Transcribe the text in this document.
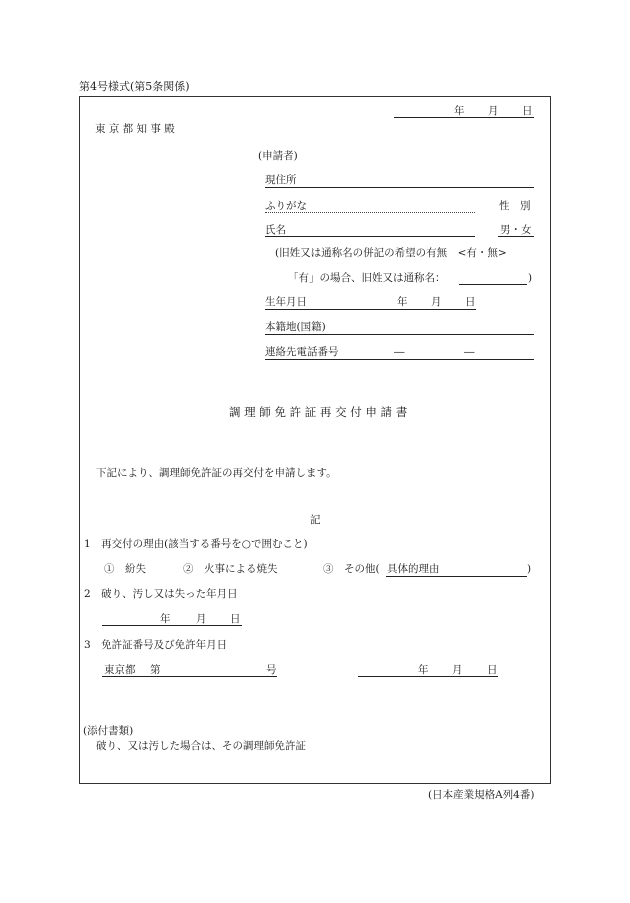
第4号様式(第5条関係)
年 月 日
東 京 都 知 事 殿
(申請者)
現住所
ふりがな	性　別
氏名	男・女
(旧姓又は通称名の併記の希望の有無　<有・無>
「有」の場合、旧姓又は通称名：	)
生年月日	年 月 日
本籍地(国籍)
連絡先電話番号	―	―
調 理 師 免 許 証 再 交 付 申 請 書
下記により、調理師免許証の再交付を申請します。
記
1　再交付の理由(該当する番号を○で囲むこと)
①　紛失	②　火事による焼失	③　その他( 具体的理由	)
2　破り、汚し又は失った年月日
年 月 日
3　免許証番号及び免許年月日
東京都 第	号	年 月 日
(添付書類)
破り、又は汚した場合は、その調理師免許証
(日本産業規格A列4番)
